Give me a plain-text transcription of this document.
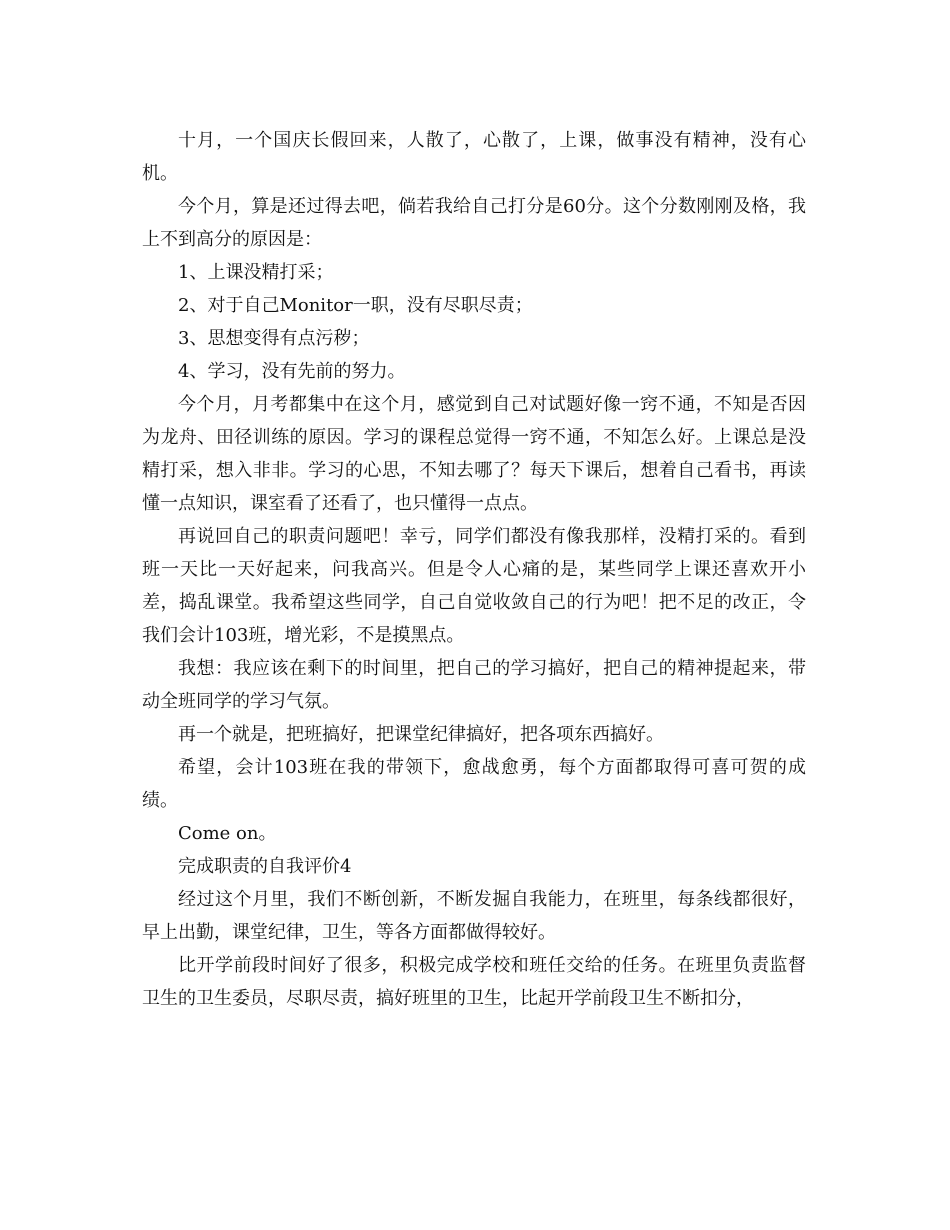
十月，一个国庆长假回来，人散了，心散了，上课，做事没有精神，没有心机。

今个月，算是还过得去吧，倘若我给自己打分是60分。这个分数刚刚及格，我上不到高分的原因是：

1、上课没精打采；

2、对于自己Monitor一职，没有尽职尽责；

3、思想变得有点污秽；

4、学习，没有先前的努力。

今个月，月考都集中在这个月，感觉到自己对试题好像一窍不通，不知是否因为龙舟、田径训练的原因。学习的课程总觉得一窍不通，不知怎么好。上课总是没精打采，想入非非。学习的心思，不知去哪了？每天下课后，想着自己看书，再读懂一点知识，课室看了还看了，也只懂得一点点。

再说回自己的职责问题吧！幸亏，同学们都没有像我那样，没精打采的。看到班一天比一天好起来，问我高兴。但是令人心痛的是，某些同学上课还喜欢开小差，捣乱课堂。我希望这些同学，自己自觉收敛自己的行为吧！把不足的改正，令我们会计103班，增光彩，不是摸黑点。

我想：我应该在剩下的时间里，把自己的学习搞好，把自己的精神提起来，带动全班同学的学习气氛。

再一个就是，把班搞好，把课堂纪律搞好，把各项东西搞好。

希望，会计103班在我的带领下，愈战愈勇，每个方面都取得可喜可贺的成绩。

Come on。

完成职责的自我评价4

经过这个月里，我们不断创新，不断发掘自我能力，在班里，每条线都很好，早上出勤，课堂纪律，卫生，等各方面都做得较好。

比开学前段时间好了很多，积极完成学校和班任交给的任务。在班里负责监督卫生的卫生委员，尽职尽责，搞好班里的卫生，比起开学前段卫生不断扣分，
